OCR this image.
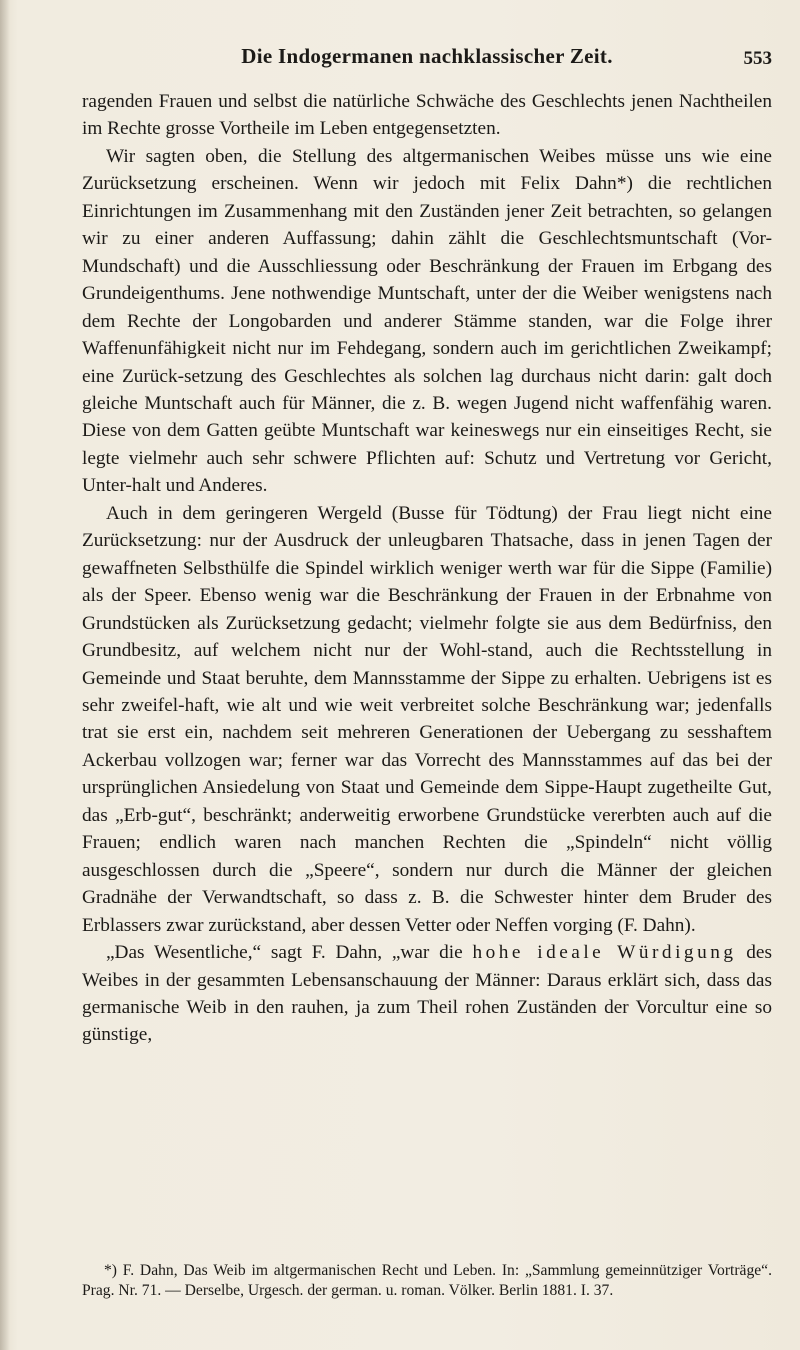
Die Indogermanen nachklassischer Zeit.	553

ragenden Frauen und selbst die natürliche Schwäche des Geschlechts jenen Nachtheilen im Rechte grosse Vortheile im Leben entgegensetzten.

Wir sagten oben, die Stellung des altgermanischen Weibes müsse uns wie eine Zurücksetzung erscheinen. Wenn wir jedoch mit Felix Dahn*) die rechtlichen Einrichtungen im Zusammenhang mit den Zuständen jener Zeit betrachten, so gelangen wir zu einer anderen Auffassung; dahin zählt die Geschlechtsmuntschaft (Vor-Mundschaft) und die Ausschliessung oder Beschränkung der Frauen im Erbgang des Grundeigenthums. Jene nothwendige Muntschaft, unter der die Weiber wenigstens nach dem Rechte der Longobarden und anderer Stämme standen, war die Folge ihrer Waffenunfähigkeit nicht nur im Fehdegang, sondern auch im gerichtlichen Zweikampf; eine Zurück-setzung des Geschlechtes als solchen lag durchaus nicht darin: galt doch gleiche Muntschaft auch für Männer, die z. B. wegen Jugend nicht waffenfähig waren. Diese von dem Gatten geübte Muntschaft war keineswegs nur ein einseitiges Recht, sie legte vielmehr auch sehr schwere Pflichten auf: Schutz und Vertretung vor Gericht, Unter-halt und Anderes.

Auch in dem geringeren Wergeld (Busse für Tödtung) der Frau liegt nicht eine Zurücksetzung: nur der Ausdruck der unleugbaren Thatsache, dass in jenen Tagen der gewaffneten Selbsthülfe die Spindel wirklich weniger werth war für die Sippe (Familie) als der Speer. Ebenso wenig war die Beschränkung der Frauen in der Erbnahme von Grundstücken als Zurücksetzung gedacht; vielmehr folgte sie aus dem Bedürfniss, den Grundbesitz, auf welchem nicht nur der Wohl-stand, auch die Rechtsstellung in Gemeinde und Staat beruhte, dem Mannsstamme der Sippe zu erhalten. Uebrigens ist es sehr zweifel-haft, wie alt und wie weit verbreitet solche Beschränkung war; jedenfalls trat sie erst ein, nachdem seit mehreren Generationen der Uebergang zu sesshaftem Ackerbau vollzogen war; ferner war das Vorrecht des Mannsstammes auf das bei der ursprünglichen Ansiedelung von Staat und Gemeinde dem Sippe-Haupt zugetheilte Gut, das „Erb-gut“, beschränkt; anderweitig erworbene Grundstücke vererbten auch auf die Frauen; endlich waren nach manchen Rechten die „Spindeln“ nicht völlig ausgeschlossen durch die „Speere“, sondern nur durch die Männer der gleichen Gradnähe der Verwandtschaft, so dass z. B. die Schwester hinter dem Bruder des Erblassers zwar zurückstand, aber dessen Vetter oder Neffen vorging (F. Dahn).

„Das Wesentliche,“ sagt F. Dahn, „war die hohe ideale Würdigung des Weibes in der gesammten Lebensanschauung der Männer: Daraus erklärt sich, dass das germanische Weib in den rauhen, ja zum Theil rohen Zuständen der Vorcultur eine so günstige,

*) F. Dahn, Das Weib im altgermanischen Recht und Leben. In: „Sammlung gemeinnütziger Vorträge“. Prag. Nr. 71. — Derselbe, Urgesch. der german. u. roman. Völker. Berlin 1881. I. 37.
